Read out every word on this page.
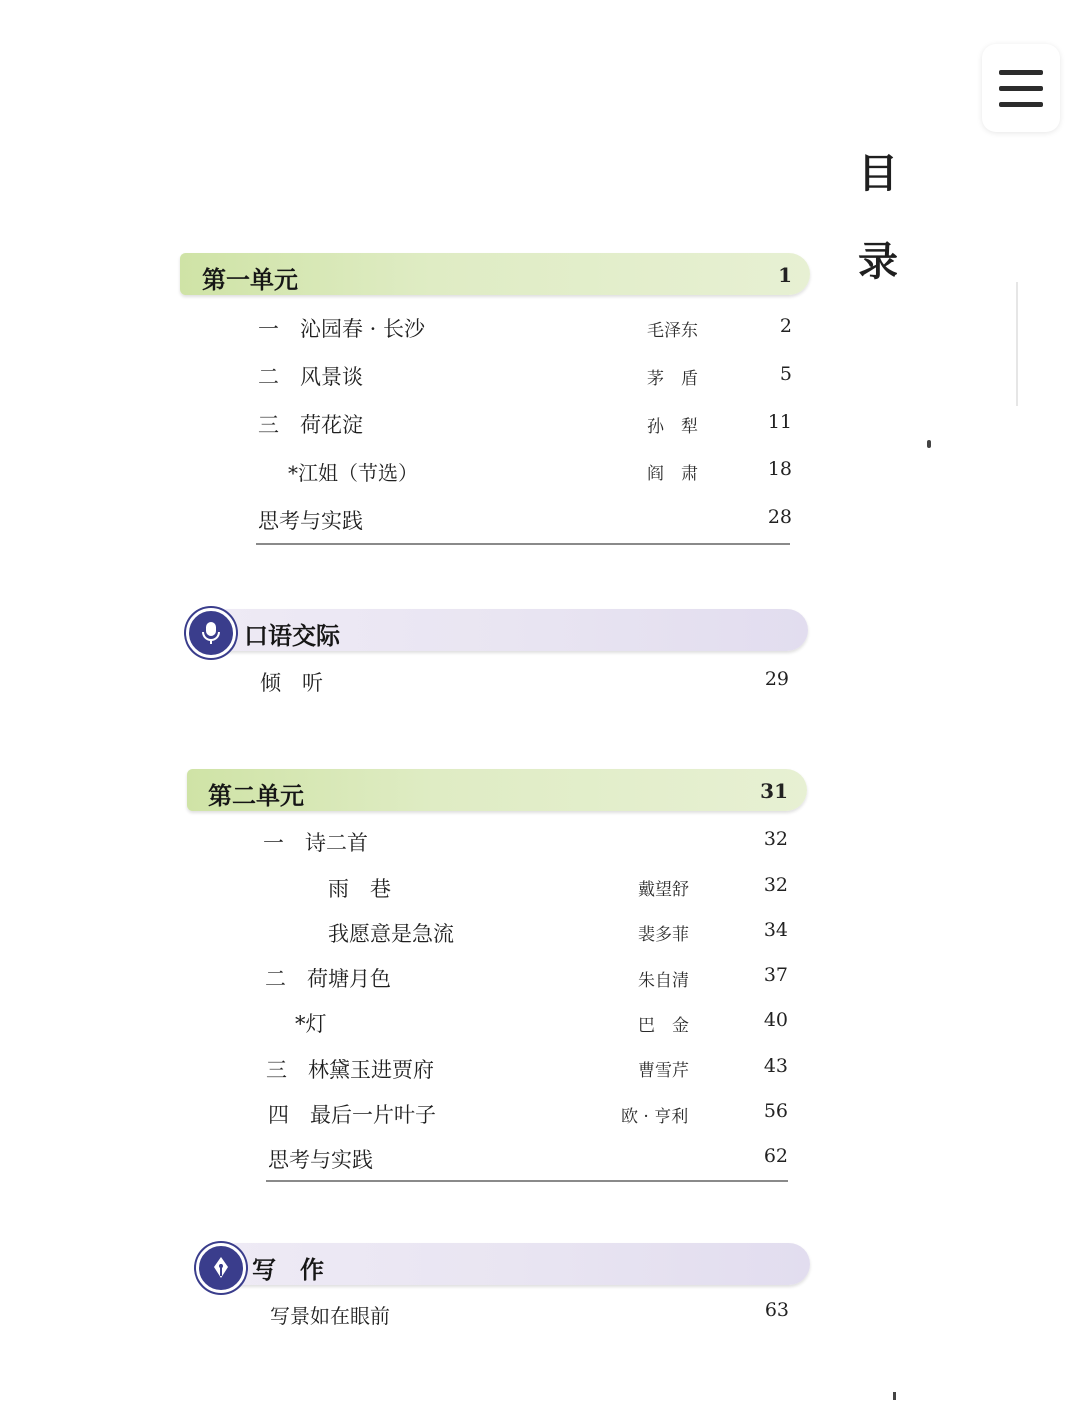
目
录
第一单元	1
一　沁园春 · 长沙	毛泽东	2
二　风景谈	茅　盾	5
三　荷花淀	孙　犁	11
*江姐（节选）	阎　肃	18
思考与实践	28
口语交际
倾　听	29
第二单元	31
一　诗二首	32
雨　巷	戴望舒	32
我愿意是急流	裴多菲	34
二　荷塘月色	朱自清	37
*灯	巴　金	40
三　林黛玉进贾府	曹雪芹	43
四　最后一片叶子	欧 · 亨利	56
思考与实践	62
写　作
写景如在眼前	63
